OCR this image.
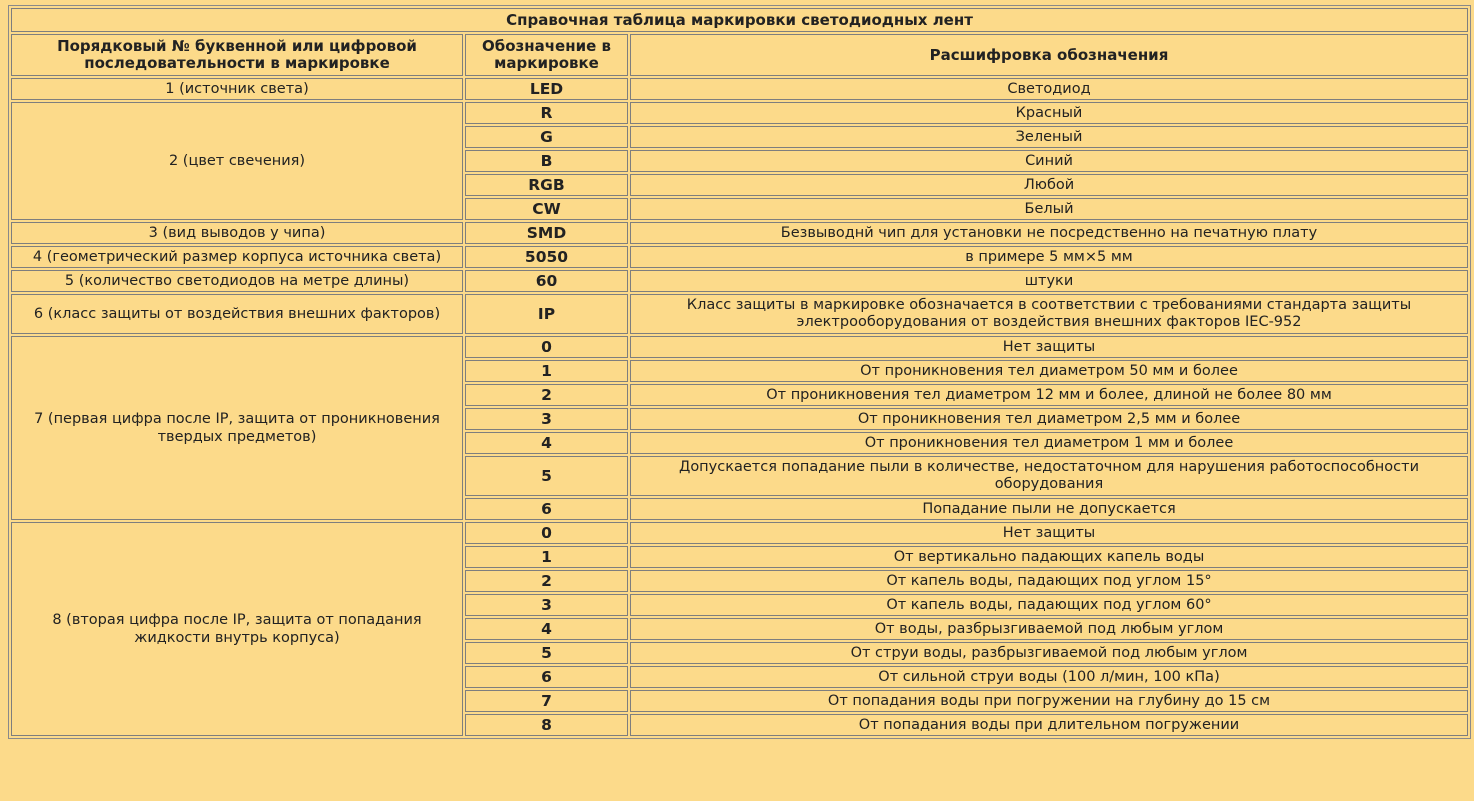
Справочная таблица маркировки светодиодных лент		
Порядковый № буквенной или цифровой последовательности в маркировке	Обозначение в маркировке	Расшифровка обозначения
1 (источник света)	LED	Светодиод
2 (цвет свечения)	R	Красный
	G	Зеленый
	B	Синий
	RGB	Любой
	CW	Белый
3 (вид выводов у чипа)	SMD	Безвыводнй чип для установки не посредственно на печатную плату
4 (геометрический размер корпуса источника света)	5050	в примере 5 мм×5 мм
5 (количество светодиодов на метре длины)	60	штуки
6 (класс защиты от воздействия внешних факторов)	IP	Класс защиты в маркировке обозначается в соответствии с требованиями стандарта защиты электрооборудования от воздействия внешних факторов IEC-952
7 (первая цифра после IP, защита от проникновения твердых предметов)	0	Нет защиты
	1	От проникновения тел диаметром 50 мм и более
	2	От проникновения тел диаметром 12 мм и более, длиной не более 80 мм
	3	От проникновения тел диаметром 2,5 мм и более
	4	От проникновения тел диаметром 1 мм и более
	5	Допускается попадание пыли в количестве, недостаточном для нарушения работоспособности оборудования
	6	Попадание пыли не допускается
8 (вторая цифра после IP, защита от попадания жидкости внутрь корпуса)	0	Нет защиты
	1	От вертикально падающих капель воды
	2	От капель воды, падающих под углом 15°
	3	От капель воды, падающих под углом 60°
	4	От воды, разбрызгиваемой под любым углом
	5	От струи воды, разбрызгиваемой под любым углом
	6	От сильной струи воды (100 л/мин, 100 кПа)
	7	От попадания воды при погружении на глубину до 15 см
	8	От попадания воды при длительном погружении
